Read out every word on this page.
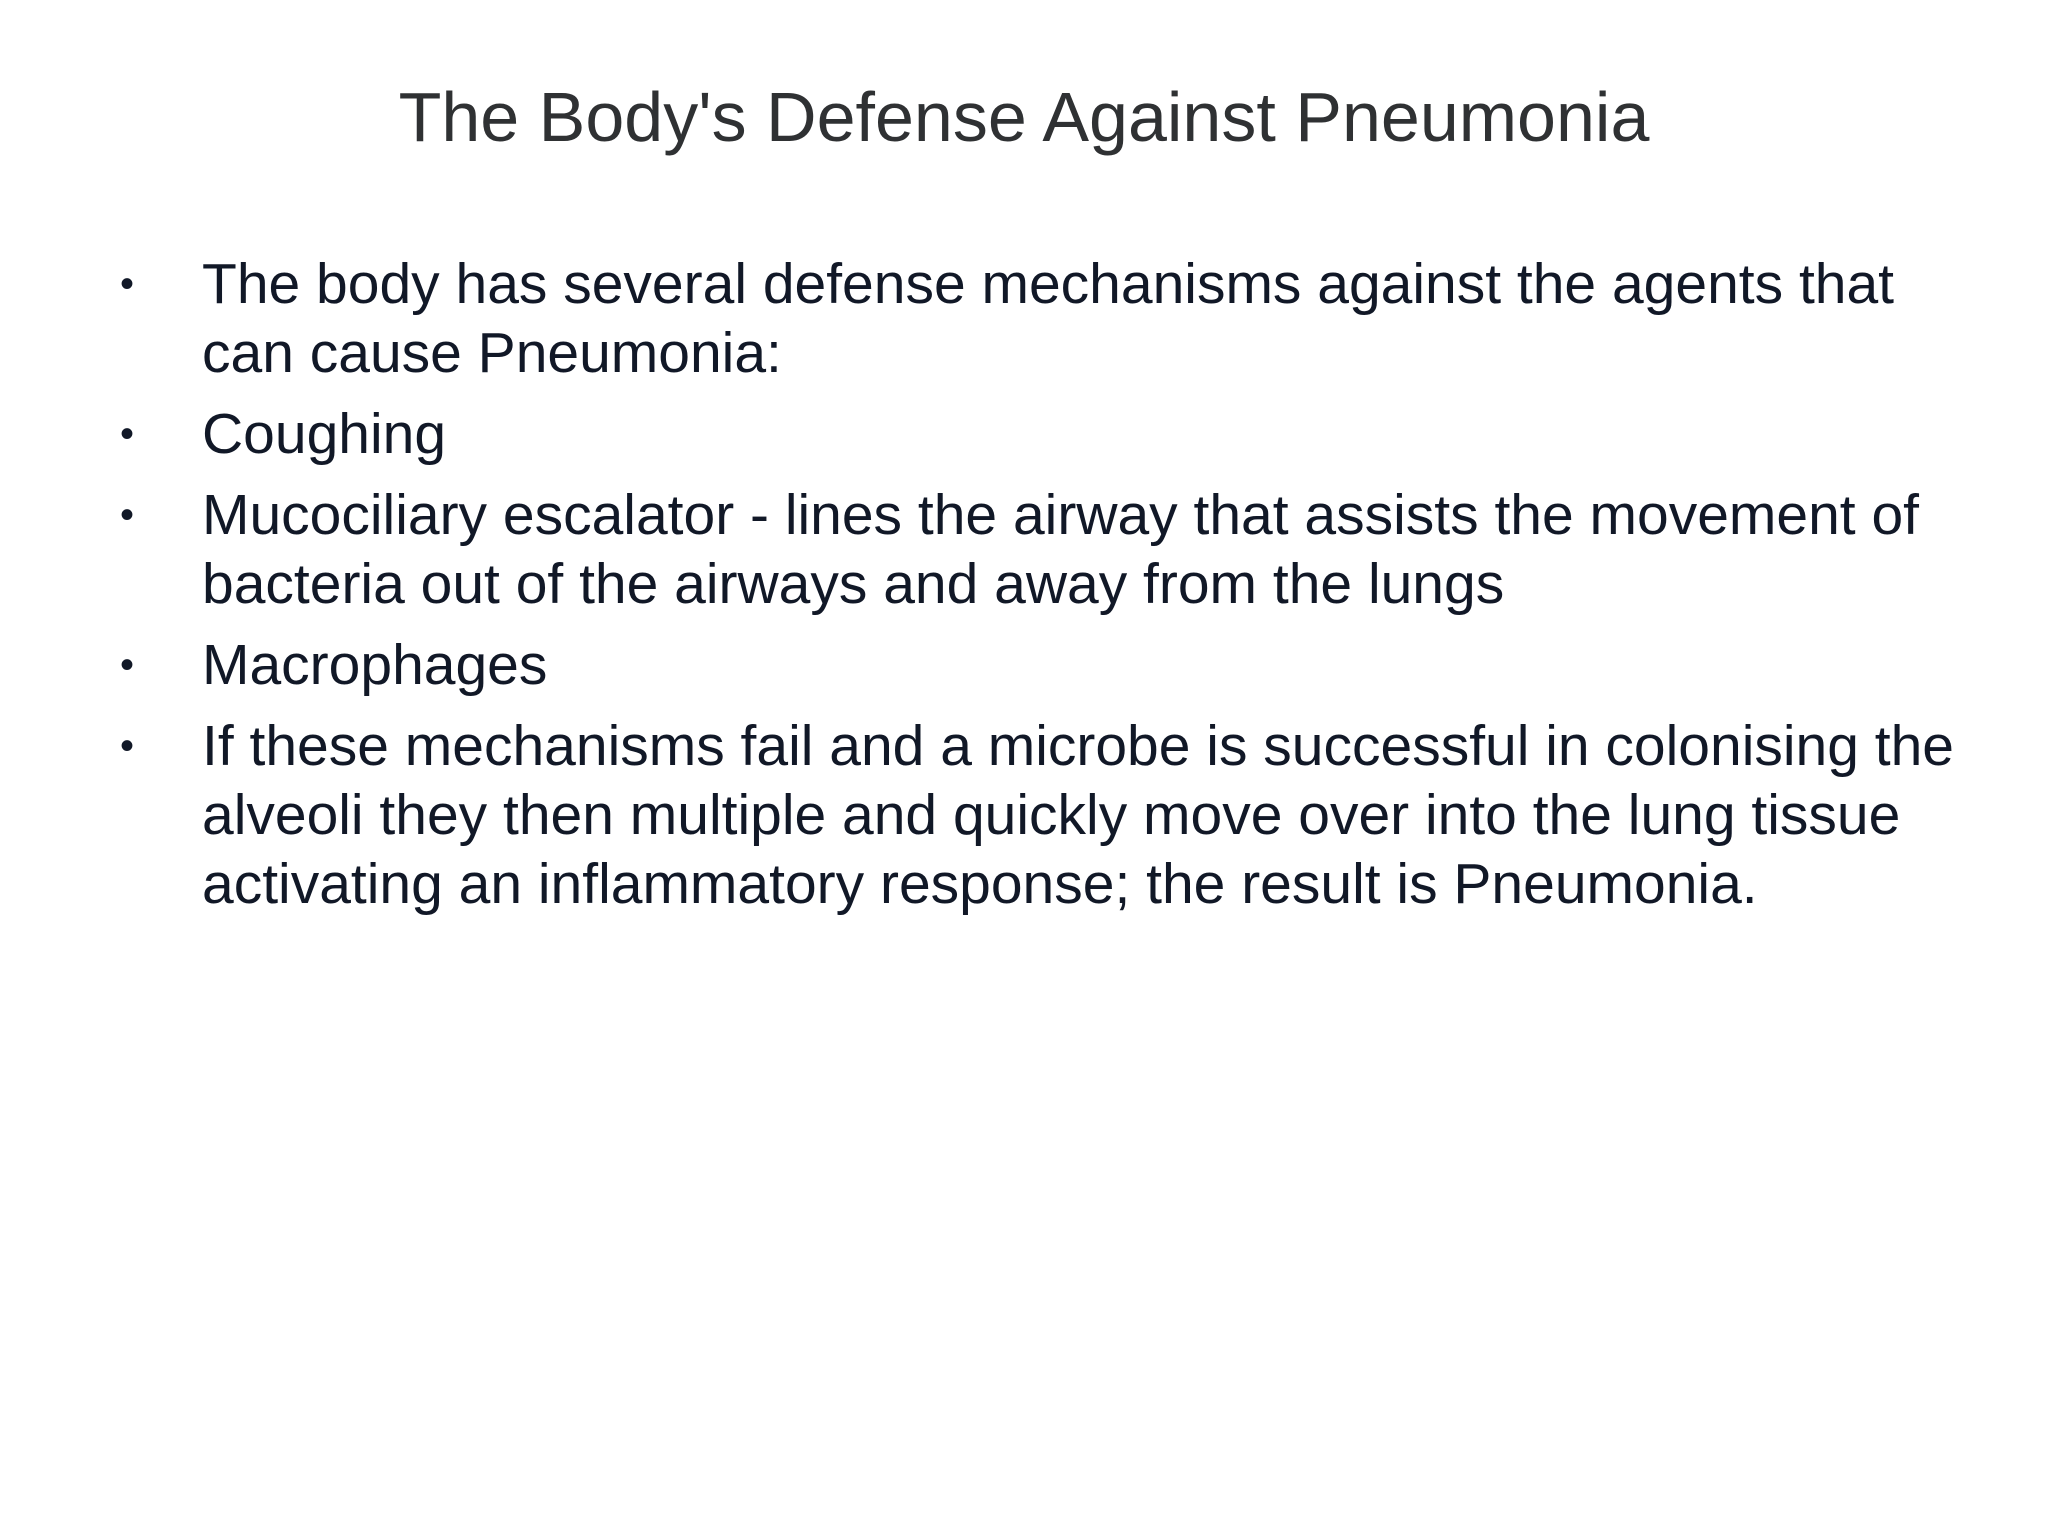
The Body's Defense Against Pneumonia
•	The body has several defense mechanisms against the agents that can cause Pneumonia:
•	Coughing
•	Mucociliary escalator - lines the airway that assists the movement of bacteria out of the airways and away from the lungs
•	Macrophages
•	If these mechanisms fail and a microbe is successful in colonising the alveoli they then multiple and quickly move over into the lung tissue activating an inflammatory response; the result is Pneumonia.
